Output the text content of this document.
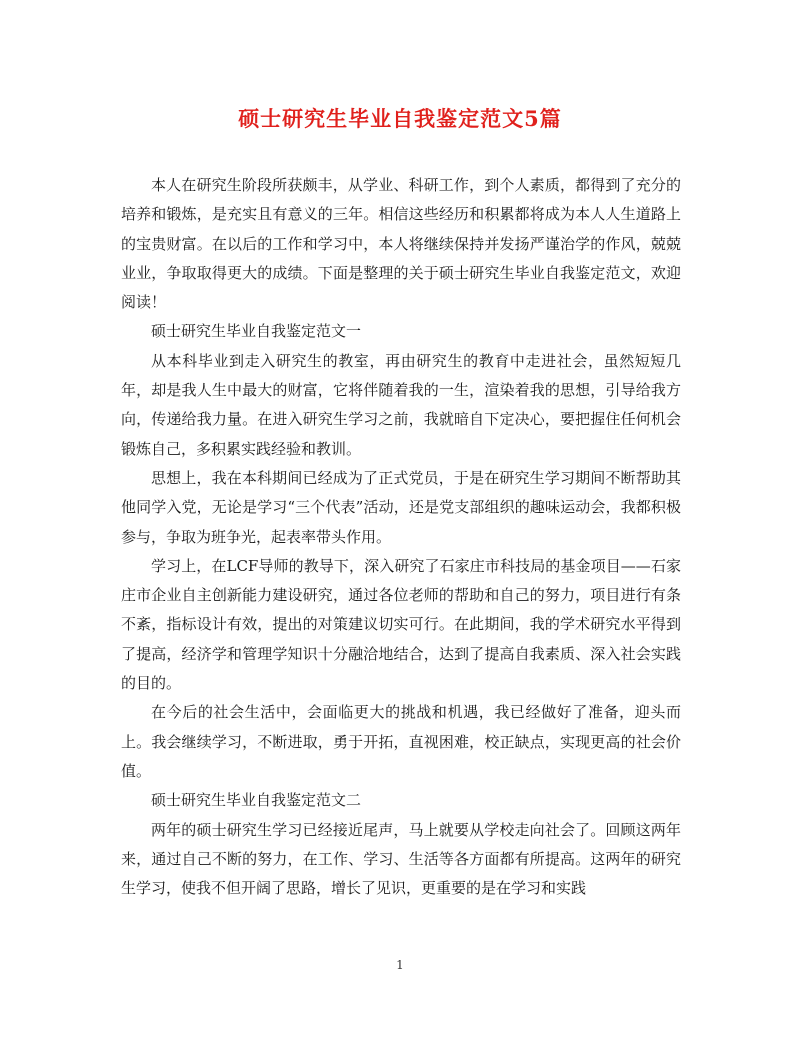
硕士研究生毕业自我鉴定范文5篇

本人在研究生阶段所获颇丰，从学业、科研工作，到个人素质，都得到了充分的培养和锻炼，是充实且有意义的三年。相信这些经历和积累都将成为本人人生道路上的宝贵财富。在以后的工作和学习中，本人将继续保持并发扬严谨治学的作风，兢兢业业，争取取得更大的成绩。下面是整理的关于硕士研究生毕业自我鉴定范文，欢迎阅读！

硕士研究生毕业自我鉴定范文一

从本科毕业到走入研究生的教室，再由研究生的教育中走进社会，虽然短短几年，却是我人生中最大的财富，它将伴随着我的一生，渲染着我的思想，引导给我方向，传递给我力量。在进入研究生学习之前，我就暗自下定决心，要把握住任何机会锻炼自己，多积累实践经验和教训。

思想上，我在本科期间已经成为了正式党员，于是在研究生学习期间不断帮助其他同学入党，无论是学习“三个代表”活动，还是党支部组织的趣味运动会，我都积极参与，争取为班争光，起表率带头作用。

学习上，在LCF导师的教导下，深入研究了石家庄市科技局的基金项目——石家庄市企业自主创新能力建设研究，通过各位老师的帮助和自己的努力，项目进行有条不紊，指标设计有效，提出的对策建议切实可行。在此期间，我的学术研究水平得到了提高，经济学和管理学知识十分融洽地结合，达到了提高自我素质、深入社会实践的目的。

在今后的社会生活中，会面临更大的挑战和机遇，我已经做好了准备，迎头而上。我会继续学习，不断进取，勇于开拓，直视困难，校正缺点，实现更高的社会价值。

硕士研究生毕业自我鉴定范文二

两年的硕士研究生学习已经接近尾声，马上就要从学校走向社会了。回顾这两年来，通过自己不断的努力，在工作、学习、生活等各方面都有所提高。这两年的研究生学习，使我不但开阔了思路，增长了见识，更重要的是在学习和实践

1
